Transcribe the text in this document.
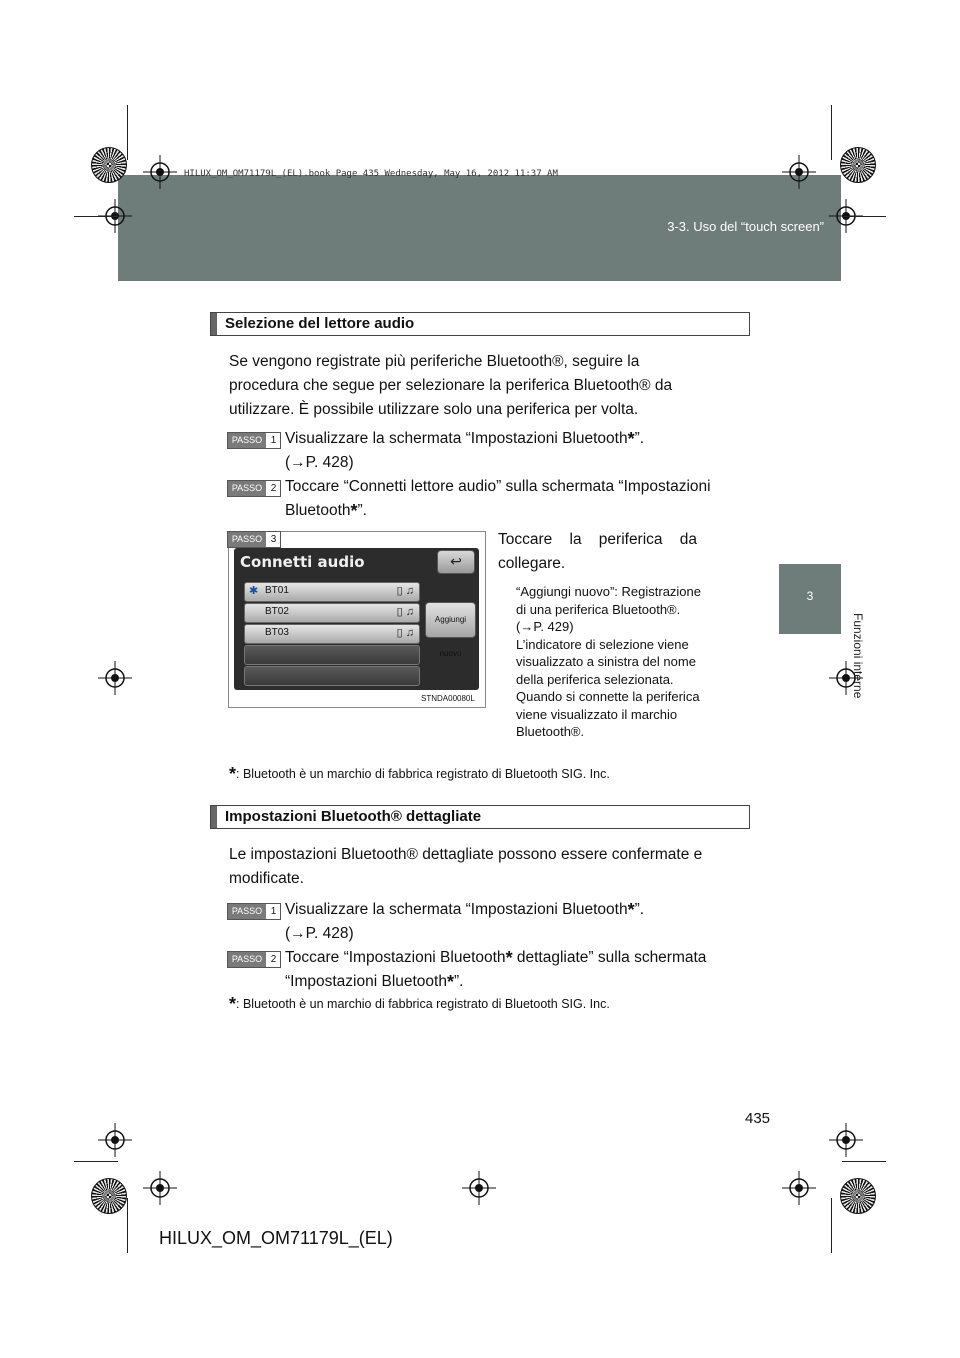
HILUX_OM_OM71179L_(EL).book Page 435 Wednesday, May 16, 2012 11:37 AM
3-3. Uso del “touch screen”
3
Funzioni interne
Selezione del lettore audio
Se vengono registrate più periferiche Bluetooth®, seguire la
procedura che segue per selezionare la periferica Bluetooth® da
utilizzare. È possibile utilizzare solo una periferica per volta.
PASSO 1 Visualizzare la schermata “Impostazioni Bluetooth*”.
(→P. 428)
PASSO 2 Toccare “Connetti lettore audio” sulla schermata “Impostazioni
Bluetooth*”.
PASSO 3
Connetti audio	↩
✱ BT01	▯ ♫
BT02	▯ ♫
BT03	▯ ♫
Aggiungi nuovo
STNDA00080L
Toccare    la    periferica    da
collegare.
“Aggiungi nuovo”: Registrazione
di una periferica Bluetooth®.
(→P. 429)
L’indicatore di selezione viene
visualizzato a sinistra del nome
della periferica selezionata.
Quando si connette la periferica
viene visualizzato il marchio
Bluetooth®.
*: Bluetooth è un marchio di fabbrica registrato di Bluetooth SIG. Inc.
Impostazioni Bluetooth® dettagliate
Le impostazioni Bluetooth® dettagliate possono essere confermate e
modificate.
PASSO 1 Visualizzare la schermata “Impostazioni Bluetooth*”.
(→P. 428)
PASSO 2 Toccare “Impostazioni Bluetooth* dettagliate” sulla schermata
“Impostazioni Bluetooth*”.
*: Bluetooth è un marchio di fabbrica registrato di Bluetooth SIG. Inc.
435
HILUX_OM_OM71179L_(EL)
